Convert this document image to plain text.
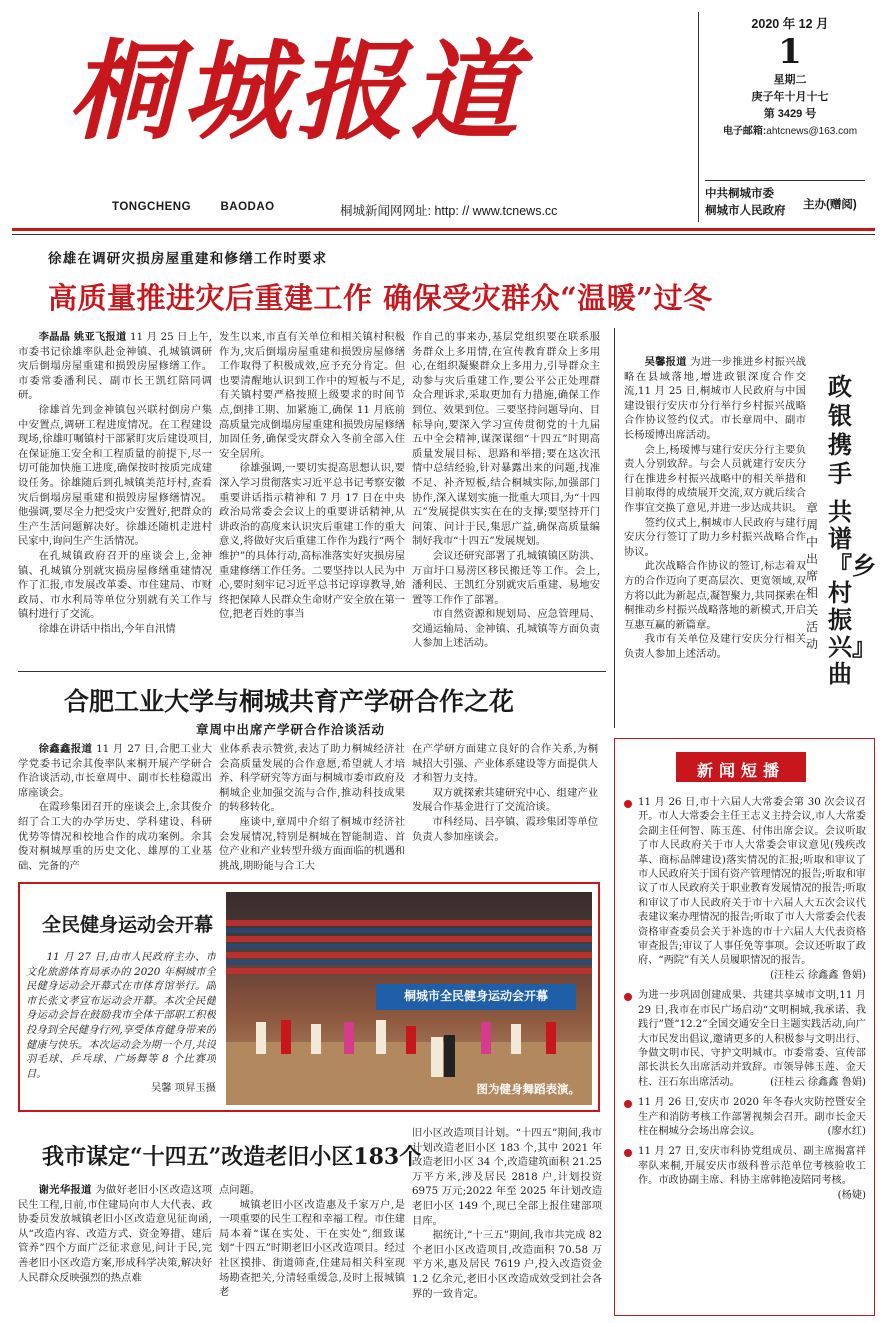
桐城报道
TONGCHENG	BAODAO	桐城新闻网网址: http: // www.tcnews.cc
2020 年 12 月
1
星期二
庚子年十月十七
第 3429 号
电子邮箱:ahtcnews@163.com
中共桐城市委
桐城市人民政府 主办(赠阅)
徐雄在调研灾损房屋重建和修缮工作时要求
高质量推进灾后重建工作 确保受灾群众“温暖”过冬

李晶晶 姚亚飞报道 11 月 25 日上午,市委书记徐雄率队赴金神镇、孔城镇调研灾后倒塌房屋重建和损毁房屋修缮工作。市委常委潘利民、副市长王凯红陪同调研。

徐雄首先到金神镇包兴联村倒房户集中安置点,调研工程进度情况。在工程建设现场,徐雄叮嘱镇村干部紧盯灾后建设项目,在保证施工安全和工程质量的前提下,尽一切可能加快施工进度,确保按时按质完成建设任务。徐雄随后到孔城镇美范圩村,查看灾后倒塌房屋重建和损毁房屋修缮情况。他强调,要尽全力把受灾户安置好,把群众的生产生活问题解决好。徐雄还随机走进村民家中,询问生产生活情况。

在孔城镇政府召开的座谈会上,金神镇、孔城镇分别就灾损房屋修缮重建情况作了汇报,市发展改革委、市住建局、市财政局、市水利局等单位分别就有关工作与镇村进行了交流。

徐雄在讲话中指出,今年自汛情

发生以来,市直有关单位和相关镇村积极作为,灾后倒塌房屋重建和损毁房屋修缮工作取得了积极成效,应予充分肯定。但也要清醒地认识到工作中的短板与不足,有关镇村要严格按照上级要求的时间节点,倒排工期、加紧施工,确保 11 月底前高质量完成倒塌房屋重建和损毁房屋修缮加固任务,确保受灾群众入冬前全部入住安全居所。

徐雄强调,一要切实提高思想认识,要深入学习贯彻落实习近平总书记考察安徽重要讲话指示精神和 7 月 17 日在中央政治局常委会会议上的重要讲话精神,从讲政治的高度来认识灾后重建工作的重大意义,将做好灾后重建工作作为践行“两个维护”的具体行动,高标准落实好灾损房屋重建修缮工作任务。二要坚持以人民为中心,要时刻牢记习近平总书记谆谆教导,始终把保障人民群众生命财产安全放在第一位,把老百姓的事当

作自己的事来办,基层党组织要在联系服务群众上多用情,在宣传教育群众上多用心,在组织凝聚群众上多用力,引导群众主动参与灾后重建工作,要公平公正处理群众合理诉求,采取更加有力措施,确保工作到位、效果到位。三要坚持问题导向、目标导向,要深入学习宣传贯彻党的十九届五中全会精神,谋深谋细“十四五”时期高质量发展目标、思路和举措;要在这次汛情中总结经验,针对暴露出来的问题,找准不足、补齐短板,结合桐城实际,加强部门协作,深入谋划实施一批重大项目,为“十四五”发展提供实实在在的支撑;要坚持开门问策、问计于民,集思广益,确保高质量编制好我市“十四五”发展规划。

会议还研究部署了孔城镇镇区防洪、万亩圩口易涝区移民搬迁等工作。会上,潘利民、王凯红分别就灾后重建、易地安置等工作作了部署。

市自然资源和规划局、应急管理局、交通运输局、金神镇、孔城镇等方面负责人参加上述活动。

吴馨报道 为进一步推进乡村振兴战略在县域落地,增进政银深度合作交流,11 月 25 日,桐城市人民政府与中国建设银行安庆市分行举行乡村振兴战略合作协议签约仪式。市长章周中、副市长杨瑷博出席活动。

会上,杨瑷博与建行安庆分行主要负责人分别致辞。与会人员就建行安庆分行在推进乡村振兴战略中的相关举措和目前取得的成绩展开交流,双方就后续合作事宜交换了意见,并进一步达成共识。

签约仪式上,桐城市人民政府与建行安庆分行签订了助力乡村振兴战略合作协议。

此次战略合作协议的签订,标志着双方的合作迈向了更高层次、更宽领域,双方将以此为新起点,凝智聚力,共同探索在桐推动乡村振兴战略落地的新模式,开启互惠互赢的新篇章。

我市有关单位及建行安庆分行相关负责人参加上述活动。

政银携手
共谱『乡村振兴』曲
章周中出席相关活动
合肥工业大学与桐城共育产学研合作之花
章周中出席产学研合作洽谈活动

徐鑫鑫报道 11 月 27 日,合肥工业大学党委书记余其俊率队来桐开展产学研合作洽谈活动,市长章周中、副市长桂稳霞出席座谈会。

在霞珍集团召开的座谈会上,余其俊介绍了合工大的办学历史、学科建设、科研优势等情况和校地合作的成功案例。余其俊对桐城厚重的历史文化、雄厚的工业基础、完备的产

业体系表示赞赏,表达了助力桐城经济社会高质量发展的合作意愿,希望就人才培养、科学研究等方面与桐城市委市政府及桐城企业加强交流与合作,推动科技成果的转移转化。

座谈中,章周中介绍了桐城市经济社会发展情况,特别是桐城在智能制造、首位产业和产业转型升级方面面临的机遇和挑战,期盼能与合工大

在产学研方面建立良好的合作关系,为桐城招大引强、产业体系建设等方面提供人才和智力支持。

双方就探索共建研究中心、组建产业发展合作基金进行了交流洽谈。

市科经局、吕亭镇、霞珍集团等单位负责人参加座谈会。

全民健身运动会开幕

11 月 27 日,由市人民政府主办、市文化旅游体育局承办的 2020 年桐城市全民健身运动会开幕式在市体育馆举行。副市长张文孝宣布运动会开幕。本次全民健身运动会旨在鼓励我市全体干部职工积极投身到全民健身行列,享受体育健身带来的健康与快乐。本次运动会为期一个月,共设羽毛球、乒乓球、广场舞等 8 个比赛项目。

吴馨 项昇玉摄
桐城市全民健身运动会开幕
图为健身舞蹈表演。
我市谋定“十四五”改造老旧小区183个

谢光华报道 为做好老旧小区改造这项民生工程,日前,市住建局向市人大代表、政协委员发放城镇老旧小区改造意见征询函,从“改造内容、改造方式、资金筹措、建后管养”四个方面广泛征求意见,问计于民,完善老旧小区改造方案,形成科学决策,解决好人民群众反映强烈的热点难

点问题。

城镇老旧小区改造惠及千家万户,是一项重要的民生工程和幸福工程。市住建局本着“谋在实处、干在实处”,细致谋划“十四五”时期老旧小区改造项目。经过社区摸排、街道筛查,住建局相关科室现场勘查把关,分清轻重缓急,及时上报城镇老

旧小区改造项目计划。“十四五”期间,我市计划改造老旧小区 183 个,其中 2021 年改造老旧小区 34 个,改造建筑面积 21.25 万平方米,涉及居民 2818 户,计划投资 6975 万元;2022 年至 2025 年计划改造老旧小区 149 个,现已全部上报住建部项目库。

据统计,“十三五”期间,我市共完成 82 个老旧小区改造项目,改造面积 70.58 万平方米,惠及居民 7619 户,投入改造资金 1.2 亿余元,老旧小区改造成效受到社会各界的一致肯定。

新闻短播
11 月 26 日,市十六届人大常委会第 30 次会议召开。市人大常委会主任王志义主持会议,市人大常委会副主任何智、陈玉莲、付伟出席会议。会议听取了市人民政府关于市人大常委会审议意见(残疾改革、商标品牌建设)落实情况的汇报;听取和审议了市人民政府关于国有资产管理情况的报告;听取和审议了市人民政府关于职业教育发展情况的报告;听取和审议了市人民政府关于市十六届人大五次会议代表建议案办理情况的报告;听取了市人大常委会代表资格审查委员会关于补选的市十六届人大代表资格审查报告;审议了人事任免等事项。会议还听取了政府、“两院”有关人员履职情况的报告。
(汪桂云 徐鑫鑫 鲁娟)
为进一步巩固创建成果、共建共享城市文明,11 月 29 日,我市在市民广场启动“文明桐城,我承诺、我践行”暨“12.2”全国交通安全日主题实践活动,向广大市民发出倡议,邀请更多的人积极参与文明出行、争做文明市民、守护文明城市。市委常委、宣传部部长洪长久出席活动并致辞。市领导韩玉莲、金天柱、汪石东出席活动。	(汪桂云 徐鑫鑫 鲁娟)
11 月 26 日,安庆市 2020 年冬春火灾防控暨安全生产和消防考核工作部署视频会召开。副市长金天柱在桐城分会场出席会议。	(廖水红)
11 月 27 日,安庆市科协党组成员、副主席揭富祥率队来桐,开展安庆市级科普示范单位考核验收工作。市政协副主席、科协主席韩艳凌陪同考核。
(杨婕)
